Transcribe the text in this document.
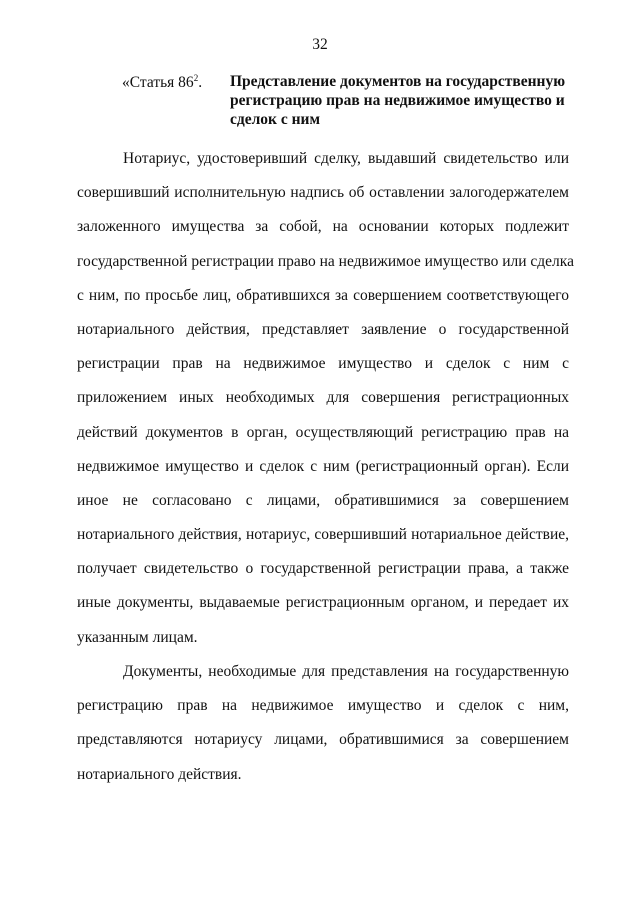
32
«Статья $86^2$. Представление документов на государственную
регистрацию прав на недвижимое имущество и
сделок с ним
Нотариус, удостоверивший сделку, выдавший свидетельство или
совершивший исполнительную надпись об оставлении залогодержателем
заложенного имущества за собой, на основании которых подлежит
государственной регистрации право на недвижимое имущество или сделка
с ним, по просьбе лиц, обратившихся за совершением соответствующего
нотариального действия, представляет заявление о государственной
регистрации прав на недвижимое имущество и сделок с ним с
приложением иных необходимых для совершения регистрационных
действий документов в орган, осуществляющий регистрацию прав на
недвижимое имущество и сделок с ним (регистрационный орган). Если
иное не согласовано с лицами, обратившимися за совершением
нотариального действия, нотариус, совершивший нотариальное действие,
получает свидетельство о государственной регистрации права, а также
иные документы, выдаваемые регистрационным органом, и передает их
указанным лицам.
Документы, необходимые для представления на государственную
регистрацию прав на недвижимое имущество и сделок с ним,
представляются нотариусу лицами, обратившимися за совершением
нотариального действия.
